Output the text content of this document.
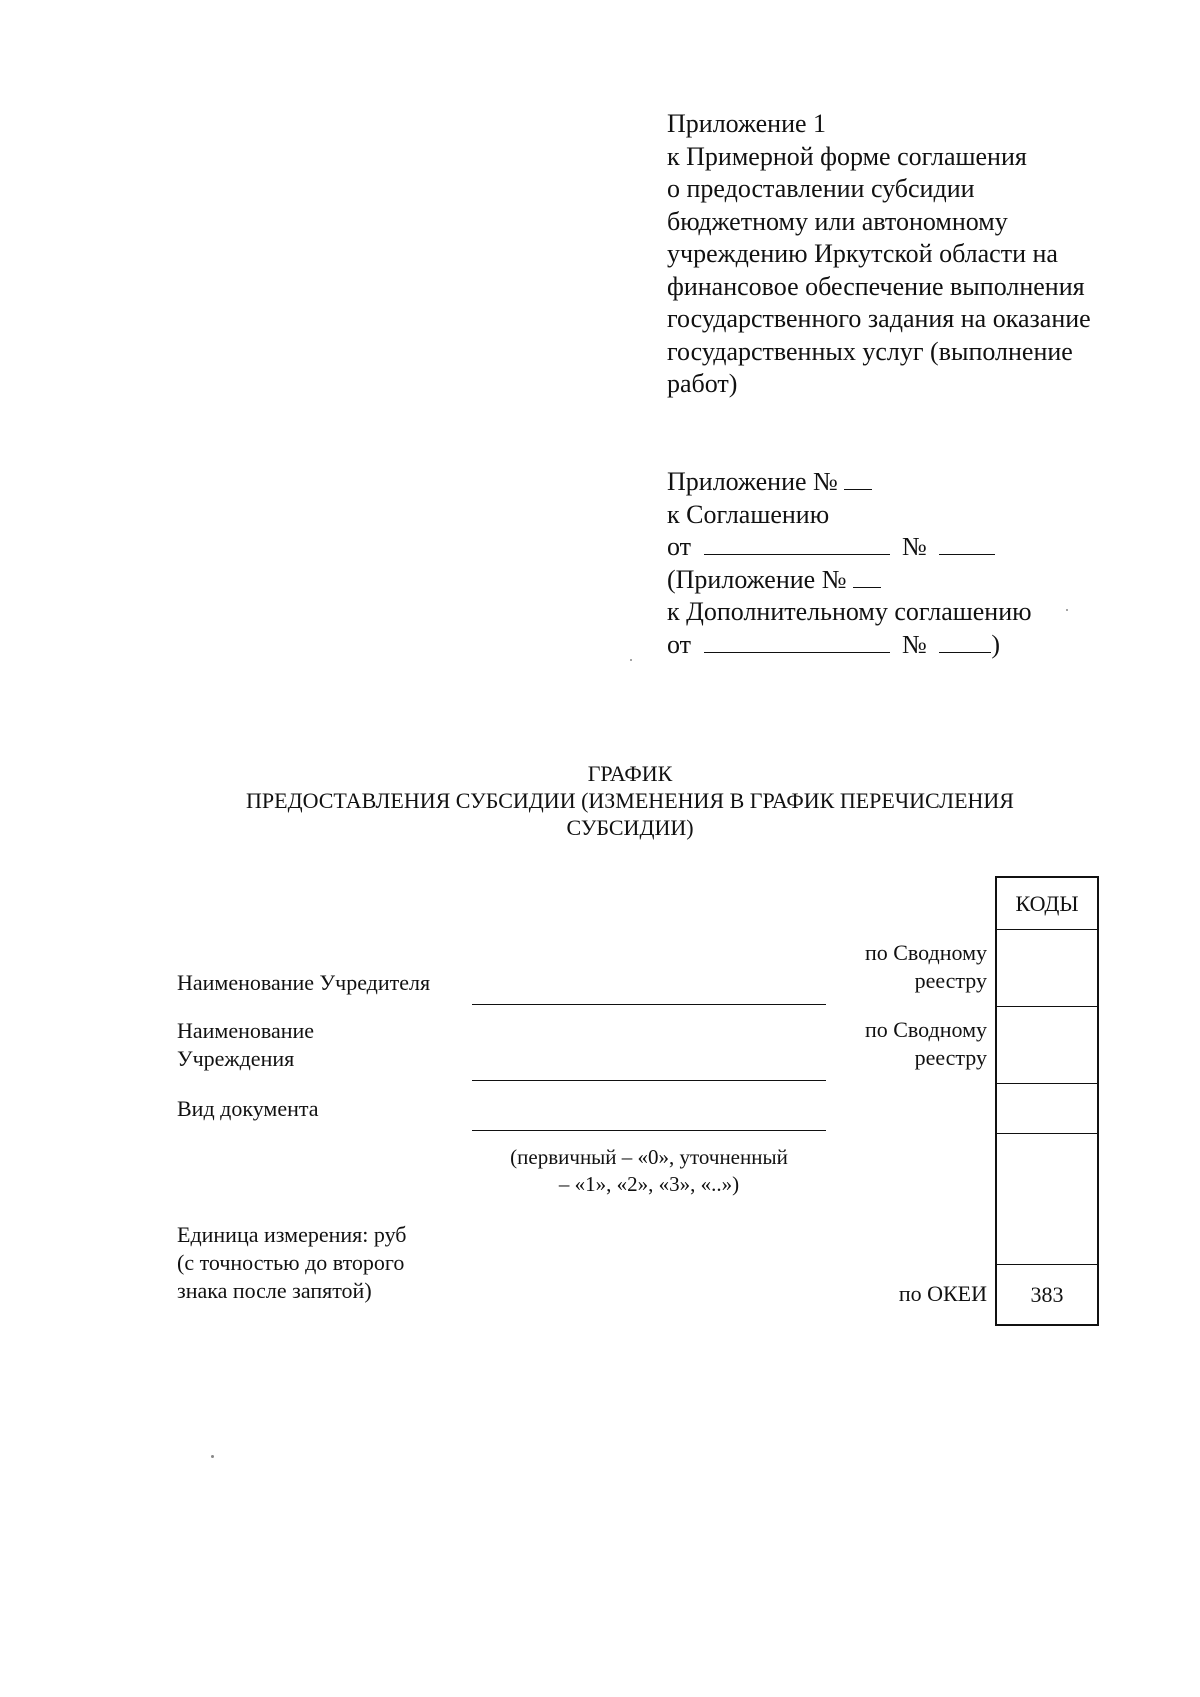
Приложение 1
к Примерной форме соглашения
о предоставлении субсидии
бюджетному или автономному
учреждению Иркутской области на
финансовое обеспечение выполнения
государственного задания на оказание
государственных услуг (выполнение
работ)
Приложение №
к Соглашению
от	№
(Приложение №
к Дополнительному соглашению
от	№ )
ГРАФИК
ПРЕДОСТАВЛЕНИЯ СУБСИДИИ (ИЗМЕНЕНИЯ В ГРАФИК ПЕРЕЧИСЛЕНИЯ
СУБСИДИИ)
Наименование Учредителя
Наименование
Учреждения
Вид документа
(первичный – «0», уточненный
– «1», «2», «3», «..»)
Единица измерения: руб
(с точностью до второго
знака после запятой)
по Сводному
реестру
по Сводному
реестру
по ОКЕИ
КОДЫ
383
